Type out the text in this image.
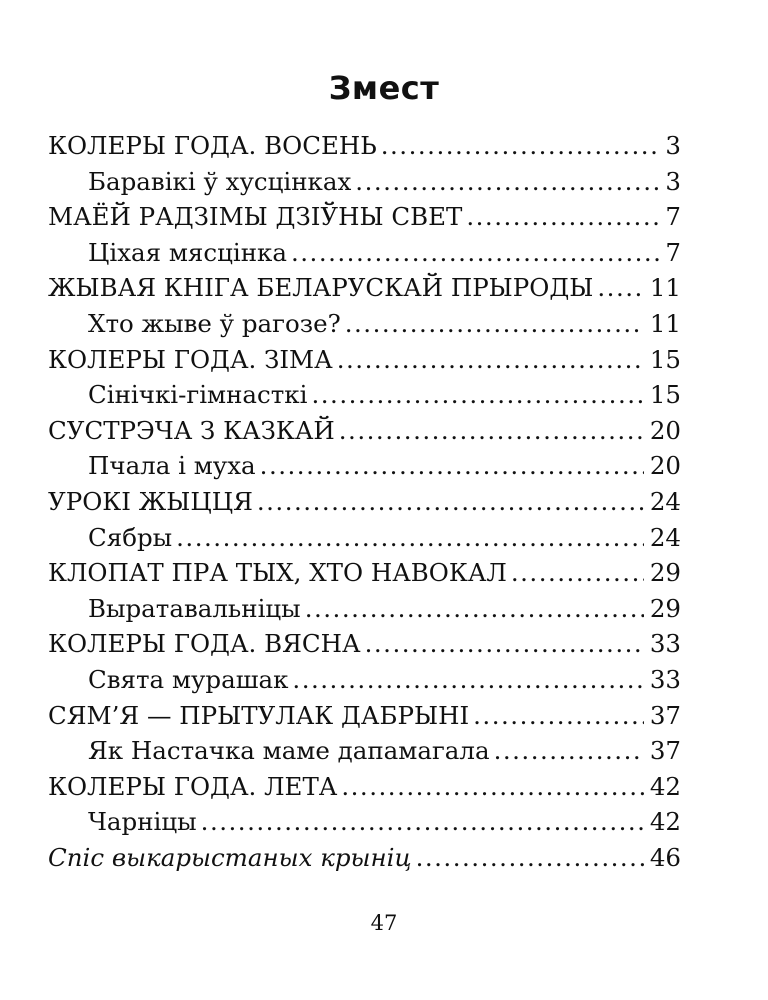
Змест
КОЛЕРЫ ГОДА. ВОСЕНЬ .....	3
Баравікі ў хусцінках .....	3
МАЁЙ РАДЗІМЫ ДЗІЎНЫ СВЕТ .....	7
Ціхая мясцінка .....	7
ЖЫВАЯ КНІГА БЕЛАРУСКАЙ ПРЫРОДЫ ..... 11
Хто жыве ў рагозе? .....	11
КОЛЕРЫ ГОДА. ЗІМА .....	15
Сінічкі-гімнасткі .....	15
СУСТРЭЧА З КАЗКАЙ .....	20
Пчала і муха .....	20
УРОКІ ЖЫЦЦЯ .....	24
Сябры .....	24
КЛОПАТ ПРА ТЫХ, ХТО НАВОКАЛ .....	29
Выратавальніцы .....	29
КОЛЕРЫ ГОДА. ВЯСНА .....	33
Свята мурашак .....	33
СЯМ’Я — ПРЫТУЛАК ДАБРЫНІ .....	37
Як Настачка маме дапамагала .....	37
КОЛЕРЫ ГОДА. ЛЕТА .....	42
Чарніцы .....	42
Спіс выкарыстаных крыніц .....	46
47
